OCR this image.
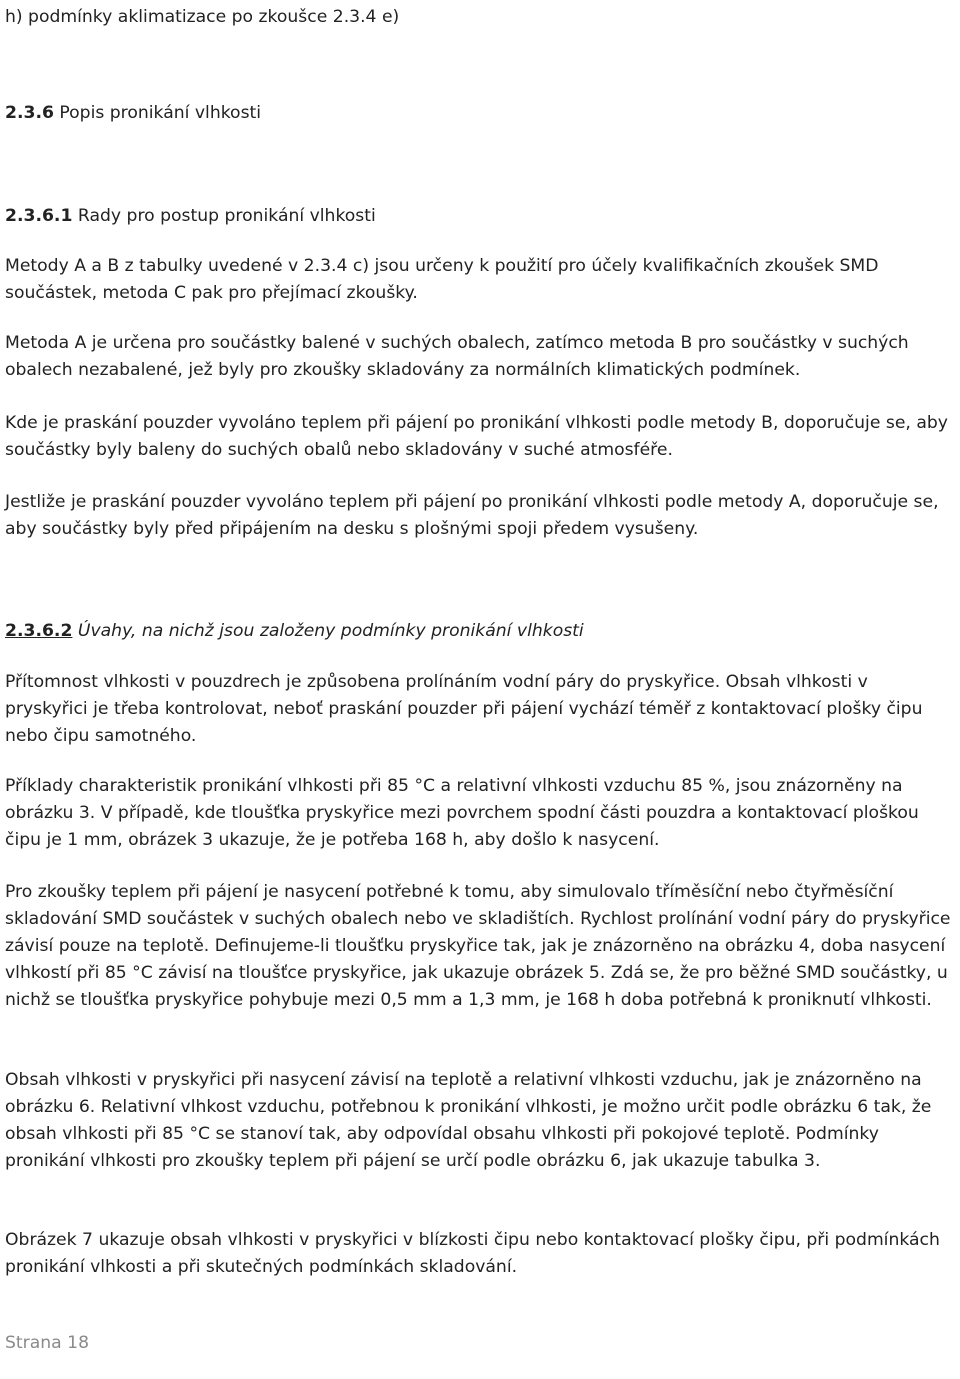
h) podmínky aklimatizace po zkoušce 2.3.4 e)
2.3.6 Popis pronikání vlhkosti
2.3.6.1 Rady pro postup pronikání vlhkosti

Metody A a B z tabulky uvedené v 2.3.4 c) jsou určeny k použití pro účely kvalifikačních zkoušek SMD součástek, metoda C pak pro přejímací zkoušky.

Metoda A je určena pro součástky balené v suchých obalech, zatímco metoda B pro součástky v suchých obalech nezabalené, jež byly pro zkoušky skladovány za normálních klimatických podmínek.

Kde je praskání pouzder vyvoláno teplem při pájení po pronikání vlhkosti podle metody B, doporučuje se, aby součástky byly baleny do suchých obalů nebo skladovány v suché atmosféře.

Jestliže je praskání pouzder vyvoláno teplem při pájení po pronikání vlhkosti podle metody A, doporučuje se, aby součástky byly před připájením na desku s plošnými spoji předem vysušeny.

2.3.6.2 Úvahy, na nichž jsou založeny podmínky pronikání vlhkosti

Přítomnost vlhkosti v pouzdrech je způsobena prolínáním vodní páry do pryskyřice. Obsah vlhkosti v pryskyřici je třeba kontrolovat, neboť praskání pouzder při pájení vychází téměř z kontaktovací plošky čipu nebo čipu samotného.

Příklady charakteristik pronikání vlhkosti při 85 °C a relativní vlhkosti vzduchu 85 %, jsou znázorněny na obrázku 3. V případě, kde tloušťka pryskyřice mezi povrchem spodní části pouzdra a kontaktovací ploškou čipu je 1 mm, obrázek 3 ukazuje, že je potřeba 168 h, aby došlo k nasycení.

Pro zkoušky teplem při pájení je nasycení potřebné k tomu, aby simulovalo tříměsíční nebo čtyřměsíční skladování SMD součástek v suchých obalech nebo ve skladištích. Rychlost prolínání vodní páry do pryskyřice závisí pouze na teplotě. Definujeme-li tloušťku pryskyřice tak, jak je znázorněno na obrázku 4, doba nasycení vlhkostí při 85 °C závisí na tloušťce pryskyřice, jak ukazuje obrázek 5. Zdá se, že pro běžné SMD součástky, u nichž se tloušťka pryskyřice pohybuje mezi 0,5 mm a 1,3 mm, je 168 h doba potřebná k proniknutí vlhkosti.

Obsah vlhkosti v pryskyřici při nasycení závisí na teplotě a relativní vlhkosti vzduchu, jak je znázorněno na obrázku 6. Relativní vlhkost vzduchu, potřebnou k pronikání vlhkosti, je možno určit podle obrázku 6 tak, že obsah vlhkosti při 85 °C se stanoví tak, aby odpovídal obsahu vlhkosti při pokojové teplotě. Podmínky pronikání vlhkosti pro zkoušky teplem při pájení se určí podle obrázku 6, jak ukazuje tabulka 3.

Obrázek 7 ukazuje obsah vlhkosti v pryskyřici v blízkosti čipu nebo kontaktovací plošky čipu, při podmínkách pronikání vlhkosti a při skutečných podmínkách skladování.

Strana 18
